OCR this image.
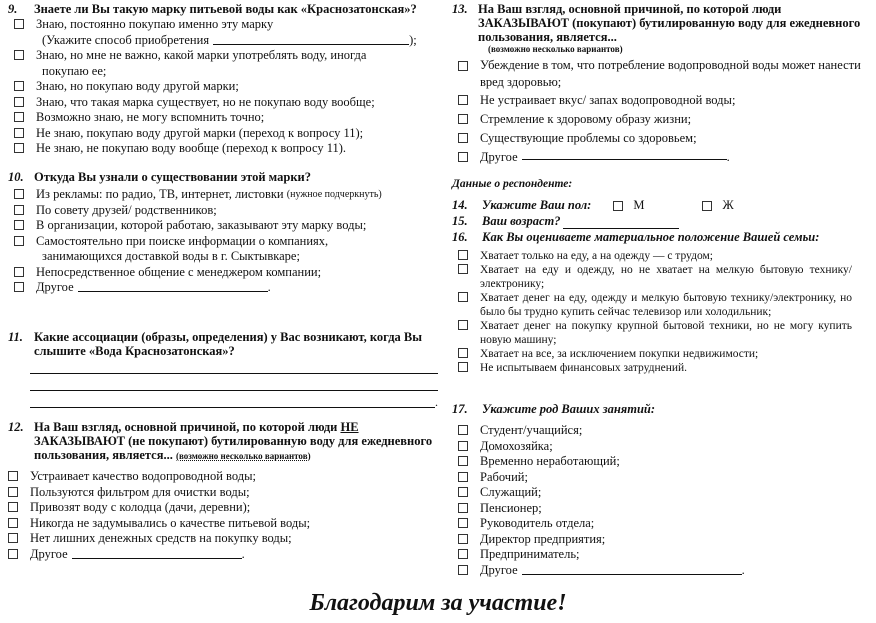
9.	Знаете ли Вы такую марку питьевой воды как «Краснозатонская»?
Знаю, постоянно покупаю именно эту марку
(Укажите способ приобретения	);
Знаю, но мне не важно, какой марки употреблять воду, иногда
покупаю ее;
Знаю, но покупаю воду другой марки;
Знаю, что такая марка существует, но не покупаю воду вообще;
Возможно знаю, не могу вспомнить точно;
Не знаю, покупаю воду другой марки (переход к вопросу 11);
Не знаю, не покупаю воду вообще (переход к вопросу 11).
10. Откуда Вы узнали о существовании этой марки?
Из рекламы: по радио, ТВ, интернет, листовки
(нужное подчеркнуть)
По совету друзей/ родственников;
В организации, которой работаю, заказывают эту марку воды;
Самостоятельно при поиске информации о компаниях,
занимающихся доставкой воды в г. Сыктывкаре;
Непосредственное общение с менеджером компании;
Другое	.
11. Какие ассоциации (образы, определения) у Вас возникают, когда Вы слышите «Вода Краснозатонская»?
.
12. На Ваш взгляд, основной причиной, по которой люди НЕ ЗАКАЗЫВАЮТ (не покупают) бутилированную воду для ежедневного пользования, является... (возможно несколько вариантов)
Устраивает качество водопроводной воды;
Пользуются фильтром для очистки воды;
Привозят воду с колодца (дачи, деревни);
Никогда не задумывались о качестве питьевой воды;
Нет лишних денежных средств на покупку воды;
Другое	.
13. На Ваш взгляд, основной причиной, по которой люди ЗАКАЗЫВАЮТ (покупают) бутилированную воду для ежедневного пользования, является...
(возможно несколько вариантов)
Убеждение в том, что потребление водопроводной воды может нанести вред здоровью;
Не устраивает вкус/ запах водопроводной воды;
Стремление к здоровому образу жизни;
Существующие проблемы со здоровьем;
Другое	.
Данные о респонденте:
14.	Укажите Ваш пол:	М	Ж
15.	Ваш возраст?
16.	Как Вы оцениваете материальное положение Вашей семьи:
Хватает только на еду, а на одежду — с трудом;
Хватает на еду и одежду, но не хватает на мелкую бытовую технику/электронику;
Хватает денег на еду, одежду и мелкую бытовую технику/электронику, но было бы трудно купить сейчас телевизор или холодильник;
Хватает денег на покупку крупной бытовой техники, но не могу купить новую машину;
Хватает на все, за исключением покупки недвижимости;
Не испытываем финансовых затруднений.
17.	Укажите род Ваших занятий:
Студент/учащийся;
Домохозяйка;
Временно неработающий;
Рабочий;
Служащий;
Пенсионер;
Руководитель отдела;
Директор предприятия;
Предприниматель;
Другое	.
Благодарим за участие!
